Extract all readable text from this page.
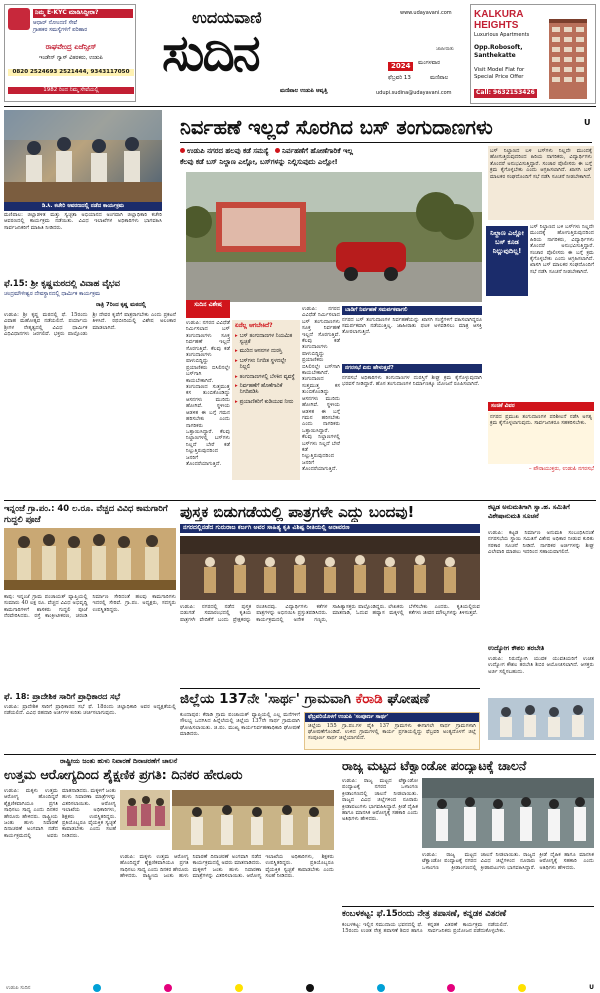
ನಿಮ್ಮ E-KYC ಮಾಡಿಸಿದ್ದೀರಾ?
ಆಧಾರ್ ನೋಂದಣಿ ಸೇವೆ
ಗ್ರಾಹಕರ ಸಮಸ್ಯೆಗಳಿಗೆ ಪರಿಹಾರ
ರಾಘವೇಂದ್ರ ಏಜೆನ್ಸೀಸ್
ಇಂಡೇನ್ ಗ್ಯಾಸ್ ವಿತರಕರು, ಉಡುಪಿ
0820 2524693 2521444, 9343117050
1982 ರಿಂದ ನಿಮ್ಮ ಸೇವೆಯಲ್ಲಿ
ಉದಯವಾಣಿ
ಸುದಿನ
ಮಣಿಪಾಲ ಉಡುಪಿ ಆವೃತ್ತಿ
www.udayavani.com
ಮಂಗಳವಾರ
2024
ಫೆಬ್ರವರಿ 13	ಮಣಿಪಾಲ
udupi.sudina@udayavani.com
ಜಾಹೀರಾತು
KALKURA
HEIGHTS
Luxurious Apartments
Opp.Robosoft,
Santhekatte
Visit Model Flat for
Special Price Offer
Call: 9632153426
U
ಡಿ.ಸಿ. ಕಚೇರಿ ಆವರಣದಲ್ಲಿ ನಡೆದ ಕಾರ್ಯಕ್ರಮ
ಮಣಿಪಾಲ: ಜಿಲ್ಲಾಡಳಿತ ಮತ್ತು ಸ್ವಚ್ಛತಾ ಅಭಿಯಾನದ ಅಂಗವಾಗಿ ಜಿಲ್ಲಾಧಿಕಾರಿ ಕಚೇರಿ ಆವರಣದಲ್ಲಿ ಕಾರ್ಯಕ್ರಮ ನಡೆಯಿತು. ವಿವಿಧ ಇಲಾಖೆಗಳ ಅಧಿಕಾರಿಗಳು ಭಾಗವಹಿಸಿ ಸಾರ್ವಜನಿಕರಿಗೆ ಮಾಹಿತಿ ನೀಡಿದರು.
ಫೆ.15: ಶ್ರೀ ಕೃಷ್ಣಮಠದಲ್ಲಿ ವಿವಾಹ ವೈಭವ
ಚಂದ್ರಮೌಳೀಶ್ವರ ದೇವಸ್ಥಾನದಲ್ಲಿ ಧಾರ್ಮಿಕ ಕಾರ್ಯಕ್ರಮ
ರಾತ್ರಿ 7ರಿಂದ ಕೃಷ್ಣ ಮಠದಲ್ಲಿ
ಉಡುಪಿ: ಶ್ರೀ ಕೃಷ್ಣ ಮಠದಲ್ಲಿ ಫೆ. 15ರಂದು ವಿವಾಹ ಮಹೋತ್ಸವ ನಡೆಯಲಿದೆ. ಪರ್ಯಾಯ ಶ್ರೀಗಳ ನೇತೃತ್ವದಲ್ಲಿ ವಿವಿಧ ಧಾರ್ಮಿಕ ವಿಧಿವಿಧಾನಗಳು ಜರಗಲಿವೆ. ಭಕ್ತರು ಪಾಲ್ಗೊಂಡು ಶ್ರೀ ದೇವರ ಕೃಪೆಗೆ ಪಾತ್ರರಾಗಬೇಕು ಎಂದು ಪ್ರಕಟನೆ ತಿಳಿಸಿದೆ. ರಥಬೀದಿಯಲ್ಲಿ ವಿಶೇಷ ಅಲಂಕಾರ ಮಾಡಲಾಗಿದೆ.
ನಿರ್ವಹಣೆ ಇಲ್ಲದೆ ಸೊರಗಿದ ಬಸ್‌ ತಂಗುದಾಣಗಳು
ಉಡುಪಿ ನಗರದ ಹಲವು ಕಡೆ ಸಮಸ್ಯೆ ನಿರ್ವಹಣೆಗೆ ಹೋಣೆಗಾರಿಕೆ ಇಲ್ಲ
ಕೆಲವು ಕಡೆ ಬಸ್‌ ನಿಲ್ದಾಣ ಎಲ್ಲೋ, ಬಸ್‌ಗಳನ್ನು ನಿಲ್ಲಿಸುವುದು ಎಲ್ಲೋ!
ಸುದಿನ ವಿಶೇಷ
ಏನೆಲ್ಲ ಆಗಬೇಕಿದೆ?
▸ ಬಸ್‌ ತಂಗುದಾಣಗಳ ನಿಯಮಿತ ಸ್ವಚ್ಛತೆ
▸ ಮುರಿದ ಆಸನಗಳ ದುರಸ್ತಿ
▸ ಬಸ್‌ಗಳು ನಿಗದಿತ ಸ್ಥಳದಲ್ಲೇ ನಿಲ್ಲಲಿ
▸ ತಂಗುದಾಣಗಳಲ್ಲಿ ಬೆಳಕಿನ ವ್ಯವಸ್ಥೆ
▸ ನಿರ್ವಹಣೆಗೆ ಹೊಣೆಗಾರಿಕೆ ನಿಗದಿಪಡಿಸಿ
▸ ಪ್ರಯಾಣಿಕರಿಗೆ ಕುಡಿಯುವ ನೀರು
ಉಡುಪಿ: ನಗರದ ವಿವಿಧೆಡೆ ನಿರ್ಮಿಸಲಾದ ಬಸ್‌ ತಂಗುದಾಣಗಳು ಸೂಕ್ತ ನಿರ್ವಹಣೆ ಇಲ್ಲದೆ ಸೊರಗುತ್ತಿವೆ. ಕೆಲವು ಕಡೆ ತಂಗುದಾಣಗಳು ಪಾಳುಬಿದ್ದಿದ್ದು ಪ್ರಯಾಣಿಕರು ಬಿಸಿಲಿನಲ್ಲೇ ಬಸ್‌ಗಾಗಿ ಕಾಯಬೇಕಾಗಿದೆ. ತಂಗುದಾಣದ ಸುತ್ತಮುತ್ತ ಕಸ ತುಂಬಿಕೊಂಡಿದ್ದು ಆಸನಗಳು ಮುರಿದು ಹೋಗಿವೆ. ಸ್ಥಳೀಯ ಆಡಳಿತ ಈ ಬಗ್ಗೆ ಗಮನ ಹರಿಸಬೇಕು ಎಂದು ನಾಗರಿಕರು ಒತ್ತಾಯಿಸಿದ್ದಾರೆ. ಕೆಲವು ನಿಲ್ದಾಣಗಳಲ್ಲಿ ಬಸ್‌ಗಳು ನಿಲ್ಲದೆ ಬೇರೆ ಕಡೆ ನಿಲ್ಲುತ್ತಿರುವುದರಿಂದ ಜನರಿಗೆ ತೊಂದರೆಯಾಗುತ್ತಿದೆ.
ಉಡುಪಿ: ನಗರದ ವಿವಿಧೆಡೆ ನಿರ್ಮಿಸಲಾದ ಬಸ್‌ ತಂಗುದಾಣಗಳು ಸೂಕ್ತ ನಿರ್ವಹಣೆ ಇಲ್ಲದೆ ಸೊರಗುತ್ತಿವೆ. ಕೆಲವು ಕಡೆ ತಂಗುದಾಣಗಳು ಪಾಳುಬಿದ್ದಿದ್ದು ಪ್ರಯಾಣಿಕರು ಬಿಸಿಲಿನಲ್ಲೇ ಬಸ್‌ಗಾಗಿ ಕಾಯಬೇಕಾಗಿದೆ. ತಂಗುದಾಣದ ಸುತ್ತಮುತ್ತ ಕಸ ತುಂಬಿಕೊಂಡಿದ್ದು ಆಸನಗಳು ಮುರಿದು ಹೋಗಿವೆ. ಸ್ಥಳೀಯ ಆಡಳಿತ ಈ ಬಗ್ಗೆ ಗಮನ ಹರಿಸಬೇಕು ಎಂದು ನಾಗರಿಕರು ಒತ್ತಾಯಿಸಿದ್ದಾರೆ. ಕೆಲವು ನಿಲ್ದಾಣಗಳಲ್ಲಿ ಬಸ್‌ಗಳು ನಿಲ್ಲದೆ ಬೇರೆ ಕಡೆ ನಿಲ್ಲುತ್ತಿರುವುದರಿಂದ ಜನರಿಗೆ ತೊಂದರೆಯಾಗುತ್ತಿದೆ.
ಬಾಡಿಗೆ ನಿರ್ವಹಣೆ ಸಮರ್ಪಕವಾಗಲಿ
ನಗರದ ಬಸ್‌ ತಂಗುದಾಣಗಳ ನಿರ್ವಹಣೆಯನ್ನು ಖಾಸಗಿ ಸಂಸ್ಥೆಗಳಿಗೆ ವಹಿಸಲಾಗಿದ್ದರೂ ಸಮರ್ಪಕವಾಗಿ ನಡೆಯುತ್ತಿಲ್ಲ. ಜಾಹೀರಾತು ಫಲಕ ಅಳವಡಿಸಲು ಮಾತ್ರ ಆಸಕ್ತಿ ತೋರಲಾಗುತ್ತಿದೆ.
ನಗರಸಭೆ ಏನು ಹೇಳುತ್ತದೆ?
ನಗರಸಭೆ ಅಧಿಕಾರಿಗಳು ತಂಗುದಾಣಗಳ ದುರಸ್ತಿಗೆ ಶೀಘ್ರ ಕ್ರಮ ಕೈಗೊಳ್ಳುವುದಾಗಿ ಭರವಸೆ ನೀಡಿದ್ದಾರೆ. ಹೊಸ ತಂಗುದಾಣಗಳ ನಿರ್ಮಾಣಕ್ಕೂ ಯೋಜನೆ ರೂಪಿಸಲಾಗಿದೆ.
ಬಸ್‌ ನಿಲ್ದಾಣದ ಬಳಿ ಬಸ್‌ಗಳು ನಿಲ್ಲದೇ ಮುಂದಕ್ಕೆ ಹೋಗುತ್ತಿರುವುದರಿಂದ ಹಿರಿಯ ನಾಗರಿಕರು, ವಿದ್ಯಾರ್ಥಿಗಳು ತೊಂದರೆ ಅನುಭವಿಸುತ್ತಿದ್ದಾರೆ. ಸಂಚಾರ ಪೊಲೀಸರು ಈ ಬಗ್ಗೆ ಕ್ರಮ ಕೈಗೊಳ್ಳಬೇಕು ಎಂದು ಆಗ್ರಹಿಸಲಾಗಿದೆ. ಖಾಸಗಿ ಬಸ್‌ ಮಾಲಕರ ಸಂಘದೊಂದಿಗೆ ಸಭೆ ನಡೆಸಿ ಸೂಚನೆ ನೀಡಬೇಕಾಗಿದೆ.
ನಿಲ್ದಾಣ ಎಲ್ಲೋ ಬಸ್‌ ಕೂಡ ನಿಲ್ಲುವುದಿಲ್ಲ!
ಬಸ್‌ ನಿಲ್ದಾಣದ ಬಳಿ ಬಸ್‌ಗಳು ನಿಲ್ಲದೇ ಮುಂದಕ್ಕೆ ಹೋಗುತ್ತಿರುವುದರಿಂದ ಹಿರಿಯ ನಾಗರಿಕರು, ವಿದ್ಯಾರ್ಥಿಗಳು ತೊಂದರೆ ಅನುಭವಿಸುತ್ತಿದ್ದಾರೆ. ಸಂಚಾರ ಪೊಲೀಸರು ಈ ಬಗ್ಗೆ ಕ್ರಮ ಕೈಗೊಳ್ಳಬೇಕು ಎಂದು ಆಗ್ರಹಿಸಲಾಗಿದೆ. ಖಾಸಗಿ ಬಸ್‌ ಮಾಲಕರ ಸಂಘದೊಂದಿಗೆ ಸಭೆ ನಡೆಸಿ ಸೂಚನೆ ನೀಡಬೇಕಾಗಿದೆ.
ಸಂಚಿಕೆ ವಿವರ
ನಗರದ ಪ್ರಮುಖ ತಂಗುದಾಣಗಳ ಪರಿಶೀಲನೆ ನಡೆಸಿ ಅಗತ್ಯ ಕ್ರಮ ಕೈಗೊಳ್ಳಲಾಗುವುದು. ಸಾರ್ವಜನಿಕರೂ ಸಹಕರಿಸಬೇಕು.
– ಪೌರಾಯುಕ್ತರು, ಉಡುಪಿ ನಗರಸಭೆ
ಇನ್ನಂಜೆ ಗ್ರಾ.ಪಂ.: 40 ಲ.ರೂ. ವೆಚ್ಚದ ವಿವಿಧ ಕಾಮಗಾರಿಗೆ ಗುದ್ದಲಿ ಪೂಜೆ
ಕಾಪು: ಇನ್ನಂಜೆ ಗ್ರಾಮ ಪಂಚಾಯತ್‌ ವ್ಯಾಪ್ತಿಯಲ್ಲಿ ಸುಮಾರು 40 ಲಕ್ಷ ರೂ. ವೆಚ್ಚದ ವಿವಿಧ ಅಭಿವೃದ್ಧಿ ಕಾಮಗಾರಿಗಳಿಗೆ ಶಾಸಕರು ಗುದ್ದಲಿ ಪೂಜೆ ನೆರವೇರಿಸಿದರು. ರಸ್ತೆ ಕಾಂಕ್ರೀಟೀಕರಣ, ಚರಂಡಿ ನಿರ್ಮಾಣ ಸೇರಿದಂತೆ ಹಲವು ಕಾಮಗಾರಿಗಳು ಇದರಲ್ಲಿ ಸೇರಿವೆ. ಗ್ರಾ.ಪಂ. ಅಧ್ಯಕ್ಷರು, ಸದಸ್ಯರು ಉಪಸ್ಥಿತರಿದ್ದರು.
ಫೆ. 18: ಪ್ರಾದೇಶಿಕ ಸಾರಿಗೆ ಪ್ರಾಧಿಕಾರದ ಸಭೆ
ಉಡುಪಿ: ಪ್ರಾದೇಶಿಕ ಸಾರಿಗೆ ಪ್ರಾಧಿಕಾರದ ಸಭೆ ಫೆ. 18ರಂದು ಜಿಲ್ಲಾಧಿಕಾರಿ ಅವರ ಅಧ್ಯಕ್ಷತೆಯಲ್ಲಿ ನಡೆಯಲಿದೆ. ವಿವಿಧ ರಹದಾರಿ ಅರ್ಜಿಗಳ ಕುರಿತು ಚರ್ಚಿಸಲಾಗುವುದು.
ಪುಸ್ತಕ ಬಿಡುಗಡೆಯಲ್ಲಿ ಪಾತ್ರಗಳೇ ಎದ್ದು ಬಂದವು!
ನಗರದಲ್ಲಿನಡೆದ ಗುರುರಾಜ ಕರ್ಜಗಿ ಅವರ ಸಾಹಿತ್ಯ ಕೃತಿ ವಿಶಿಷ್ಟ ರೀತಿಯಲ್ಲಿ ಅನಾವರಣ
ಉಡುಪಿ: ನಗರದಲ್ಲಿ ನಡೆದ ಪುಸ್ತಕ ಬಿಡುಗಡೆ ಸಮಾರಂಭದಲ್ಲಿ ಕೃತಿಯ ಪಾತ್ರಗಳೇ ವೇದಿಕೆಗೆ ಬಂದು ಪ್ರೇಕ್ಷಕರನ್ನು ರಂಜಿಸಿದವು. ವಿದ್ಯಾರ್ಥಿಗಳು ಕತೆಗಳ ಪಾತ್ರಗಳನ್ನು ಅಭಿನಯಿಸಿ ಪ್ರಸ್ತುತಪಡಿಸಿದರು. ಕಾರ್ಯಕ್ರಮದಲ್ಲಿ ಅನೇಕ ಗಣ್ಯರು, ಸಾಹಿತ್ಯಾಸಕ್ತರು ಪಾಲ್ಗೊಂಡಿದ್ದರು. ಲೇಖಕರು ಮಾತನಾಡಿ, ಓದುವ ಹವ್ಯಾಸ ಮಕ್ಕಳಲ್ಲಿ ಬೆಳೆಸಬೇಕು ಎಂದರು. ಕೃತಿಯಲ್ಲಿರುವ ಕತೆಗಳು ಜೀವನ ಮೌಲ್ಯಗಳನ್ನು ತಿಳಿಸುತ್ತವೆ.
ಕಟ್ಟಡ ಅನುಮತಿಗಾಗಿ ಸ್ವಾ.ಹ. ಸಮಿತಿಗೆ ವಿಶೇಷಾನುಮತಿ ಸೂಚನೆ
ಉಡುಪಿ: ಕಟ್ಟಡ ನಿರ್ಮಾಣ ಅನುಮತಿ ಸಂಬಂಧಿಸಿದಂತೆ ನಗರಸಭೆಯ ಸ್ಥಾಯಿ ಸಮಿತಿಗೆ ವಿಶೇಷ ಅಧಿಕಾರ ನೀಡುವ ಕುರಿತು ಸರಕಾರ ಸೂಚನೆ ನೀಡಿದೆ. ನಾಗರಿಕರ ಅರ್ಜಿಗಳನ್ನು ಶೀಘ್ರ ವಿಲೇವಾರಿ ಮಾಡಲು ಇದರಿಂದ ಸಹಾಯವಾಗಲಿದೆ.
ಉದ್ಯೋಗ ಕೌಶಲ ತರಬೇತಿ
ಉಡುಪಿ: ನಿರುದ್ಯೋಗಿ ಯುವಕ ಯುವತಿಯರಿಗೆ ಉಚಿತ ಉದ್ಯೋಗ ಕೌಶಲ ತರಬೇತಿ ಶಿಬಿರ ಆಯೋಜಿಸಲಾಗಿದೆ. ಆಸಕ್ತರು ಅರ್ಜಿ ಸಲ್ಲಿಸಬಹುದು.
ಜಿಲ್ಲೆಯ 137ನೇ 'ಸಾರ್ಥ' ಗ್ರಾಮವಾಗಿ ಕೆರಾಡಿ ಘೋಷಣೆ
ಕುಂದಾಪುರ: ಕೆರಾಡಿ ಗ್ರಾಮ ಪಂಚಾಯತ್‌ ವ್ಯಾಪ್ತಿಯಲ್ಲಿ ಎಲ್ಲ ಮನೆಗಳಿಗೆ ಸೌಲಭ್ಯ ಒದಗಿಸಿದ ಹಿನ್ನೆಲೆಯಲ್ಲಿ ಜಿಲ್ಲೆಯ 137ನೇ ಸಾರ್ಥ ಗ್ರಾಮವಾಗಿ ಘೋಷಿಸಲಾಯಿತು. ಜಿ.ಪಂ. ಮುಖ್ಯ ಕಾರ್ಯನಿರ್ವಹಣಾಧಿಕಾರಿ ಘೋಷಣೆ ಮಾಡಿದರು.
ಫೆಬ್ರವರಿಯೊಳಗೆ ಉಡುಪಿ 'ಸಂಪೂರ್ಣ ಸಾರ್ಥ'
ಜಿಲ್ಲೆಯ 155 ಗ್ರಾ.ಪಂ.ಗಳ ಪೈಕಿ 137 ಗ್ರಾಮಗಳು ಈಗಾಗಲೇ ಸಾರ್ಥ ಗ್ರಾಮಗಳಾಗಿ ಘೋಷಣೆಗೊಂಡಿವೆ. ಉಳಿದ ಗ್ರಾಮಗಳಲ್ಲಿ ಕಾರ್ಯ ಪ್ರಗತಿಯಲ್ಲಿದ್ದು ಫೆಬ್ರವರಿ ಅಂತ್ಯದೊಳಗೆ ಜಿಲ್ಲೆ ಸಂಪೂರ್ಣ ಸಾರ್ಥ ಜಿಲ್ಲೆಯಾಗಲಿದೆ.
ರಾಷ್ಟ್ರೀಯ ಜಂತು ಹುಳು ನಿವಾರಣೆ ದಿನಾಚರಣೆಗೆ ಚಾಲನೆ
ಉತ್ತಮ ಆರೋಗ್ಯದಿಂದ ಶೈಕ್ಷಣಿಕ ಪ್ರಗತಿ: ದಿನಕರ ಹೇರೂರು
ಉಡುಪಿ: ಮಕ್ಕಳು ಉತ್ತಮ ಆರೋಗ್ಯ ಹೊಂದಿದ್ದರೆ ಶೈಕ್ಷಣಿಕವಾಗಿಯೂ ಪ್ರಗತಿ ಸಾಧಿಸಲು ಸಾಧ್ಯ ಎಂದು ದಿನಕರ ಹೇರೂರು ಹೇಳಿದರು. ರಾಷ್ಟ್ರೀಯ ಜಂತು ಹುಳು ನಿವಾರಣೆ ದಿನಾಚರಣೆ ಅಂಗವಾಗಿ ನಡೆದ ಕಾರ್ಯಕ್ರಮದಲ್ಲಿ ಅವರು ಮಾತನಾಡಿದರು. ಮಕ್ಕಳಿಗೆ ಜಂತು ಹುಳು ನಿವಾರಣಾ ಮಾತ್ರೆಗಳನ್ನು ವಿತರಿಸಲಾಯಿತು. ಆರೋಗ್ಯ ಇಲಾಖೆಯ ಅಧಿಕಾರಿಗಳು, ಶಿಕ್ಷಕರು ಉಪಸ್ಥಿತರಿದ್ದರು. ಪ್ರತಿಯೊಬ್ಬರೂ ವೈಯಕ್ತಿಕ ಸ್ವಚ್ಛತೆ ಕಾಪಾಡಬೇಕು ಎಂದು ಸಲಹೆ ನೀಡಿದರು.
ಉಡುಪಿ: ಮಕ್ಕಳು ಉತ್ತಮ ಆರೋಗ್ಯ ಹೊಂದಿದ್ದರೆ ಶೈಕ್ಷಣಿಕವಾಗಿಯೂ ಪ್ರಗತಿ ಸಾಧಿಸಲು ಸಾಧ್ಯ ಎಂದು ದಿನಕರ ಹೇರೂರು ಹೇಳಿದರು. ರಾಷ್ಟ್ರೀಯ ಜಂತು ಹುಳು ನಿವಾರಣೆ ದಿನಾಚರಣೆ ಅಂಗವಾಗಿ ನಡೆದ ಕಾರ್ಯಕ್ರಮದಲ್ಲಿ ಅವರು ಮಾತನಾಡಿದರು. ಮಕ್ಕಳಿಗೆ ಜಂತು ಹುಳು ನಿವಾರಣಾ ಮಾತ್ರೆಗಳನ್ನು ವಿತರಿಸಲಾಯಿತು. ಆರೋಗ್ಯ ಇಲಾಖೆಯ ಅಧಿಕಾರಿಗಳು, ಶಿಕ್ಷಕರು ಉಪಸ್ಥಿತರಿದ್ದರು. ಪ್ರತಿಯೊಬ್ಬರೂ ವೈಯಕ್ತಿಕ ಸ್ವಚ್ಛತೆ ಕಾಪಾಡಬೇಕು ಎಂದು ಸಲಹೆ ನೀಡಿದರು.
ರಾಜ್ಯ ಮಟ್ಟದ ಟೆಕ್ವಾಂಡೋ ಪಂದ್ಯಾಟಕ್ಕೆ ಚಾಲನೆ
ಉಡುಪಿ: ರಾಜ್ಯ ಮಟ್ಟದ ಟೆಕ್ವಾಂಡೋ ಪಂದ್ಯಾಟಕ್ಕೆ ನಗರದ ಒಳಾಂಗಣ ಕ್ರೀಡಾಂಗಣದಲ್ಲಿ ಚಾಲನೆ ನೀಡಲಾಯಿತು. ರಾಜ್ಯದ ವಿವಿಧ ಜಿಲ್ಲೆಗಳಿಂದ ನೂರಾರು ಕ್ರೀಡಾಪಟುಗಳು ಭಾಗವಹಿಸಿದ್ದಾರೆ. ಕ್ರೀಡೆ ದೈಹಿಕ ಹಾಗೂ ಮಾನಸಿಕ ಆರೋಗ್ಯಕ್ಕೆ ಸಹಕಾರಿ ಎಂದು ಅತಿಥಿಗಳು ಹೇಳಿದರು.
ಉಡುಪಿ: ರಾಜ್ಯ ಮಟ್ಟದ ಟೆಕ್ವಾಂಡೋ ಪಂದ್ಯಾಟಕ್ಕೆ ನಗರದ ಒಳಾಂಗಣ ಕ್ರೀಡಾಂಗಣದಲ್ಲಿ ಚಾಲನೆ ನೀಡಲಾಯಿತು. ರಾಜ್ಯದ ವಿವಿಧ ಜಿಲ್ಲೆಗಳಿಂದ ನೂರಾರು ಕ್ರೀಡಾಪಟುಗಳು ಭಾಗವಹಿಸಿದ್ದಾರೆ. ಕ್ರೀಡೆ ದೈಹಿಕ ಹಾಗೂ ಮಾನಸಿಕ ಆರೋಗ್ಯಕ್ಕೆ ಸಹಕಾರಿ ಎಂದು ಅತಿಥಿಗಳು ಹೇಳಿದರು.
ಕಂಬಳಕಟ್ಟ: ಫೆ.15ರಂದು ನೇತ್ರ ತಪಾಸಣೆ, ಕನ್ನಡಕ ವಿತರಣೆ
ಕಂಬಳಕಟ್ಟ: ಇಲ್ಲಿನ ಸಮುದಾಯ ಭವನದಲ್ಲಿ ಫೆ. 15ರಂದು ಉಚಿತ ನೇತ್ರ ತಪಾಸಣೆ ಶಿಬಿರ ಹಾಗೂ ಕನ್ನಡಕ ವಿತರಣೆ ಕಾರ್ಯಕ್ರಮ ನಡೆಯಲಿದೆ. ಸಾರ್ವಜನಿಕರು ಪ್ರಯೋಜನ ಪಡೆದುಕೊಳ್ಳಬೇಕು.
ಉಡುಪಿ ಸುದಿನ	U
